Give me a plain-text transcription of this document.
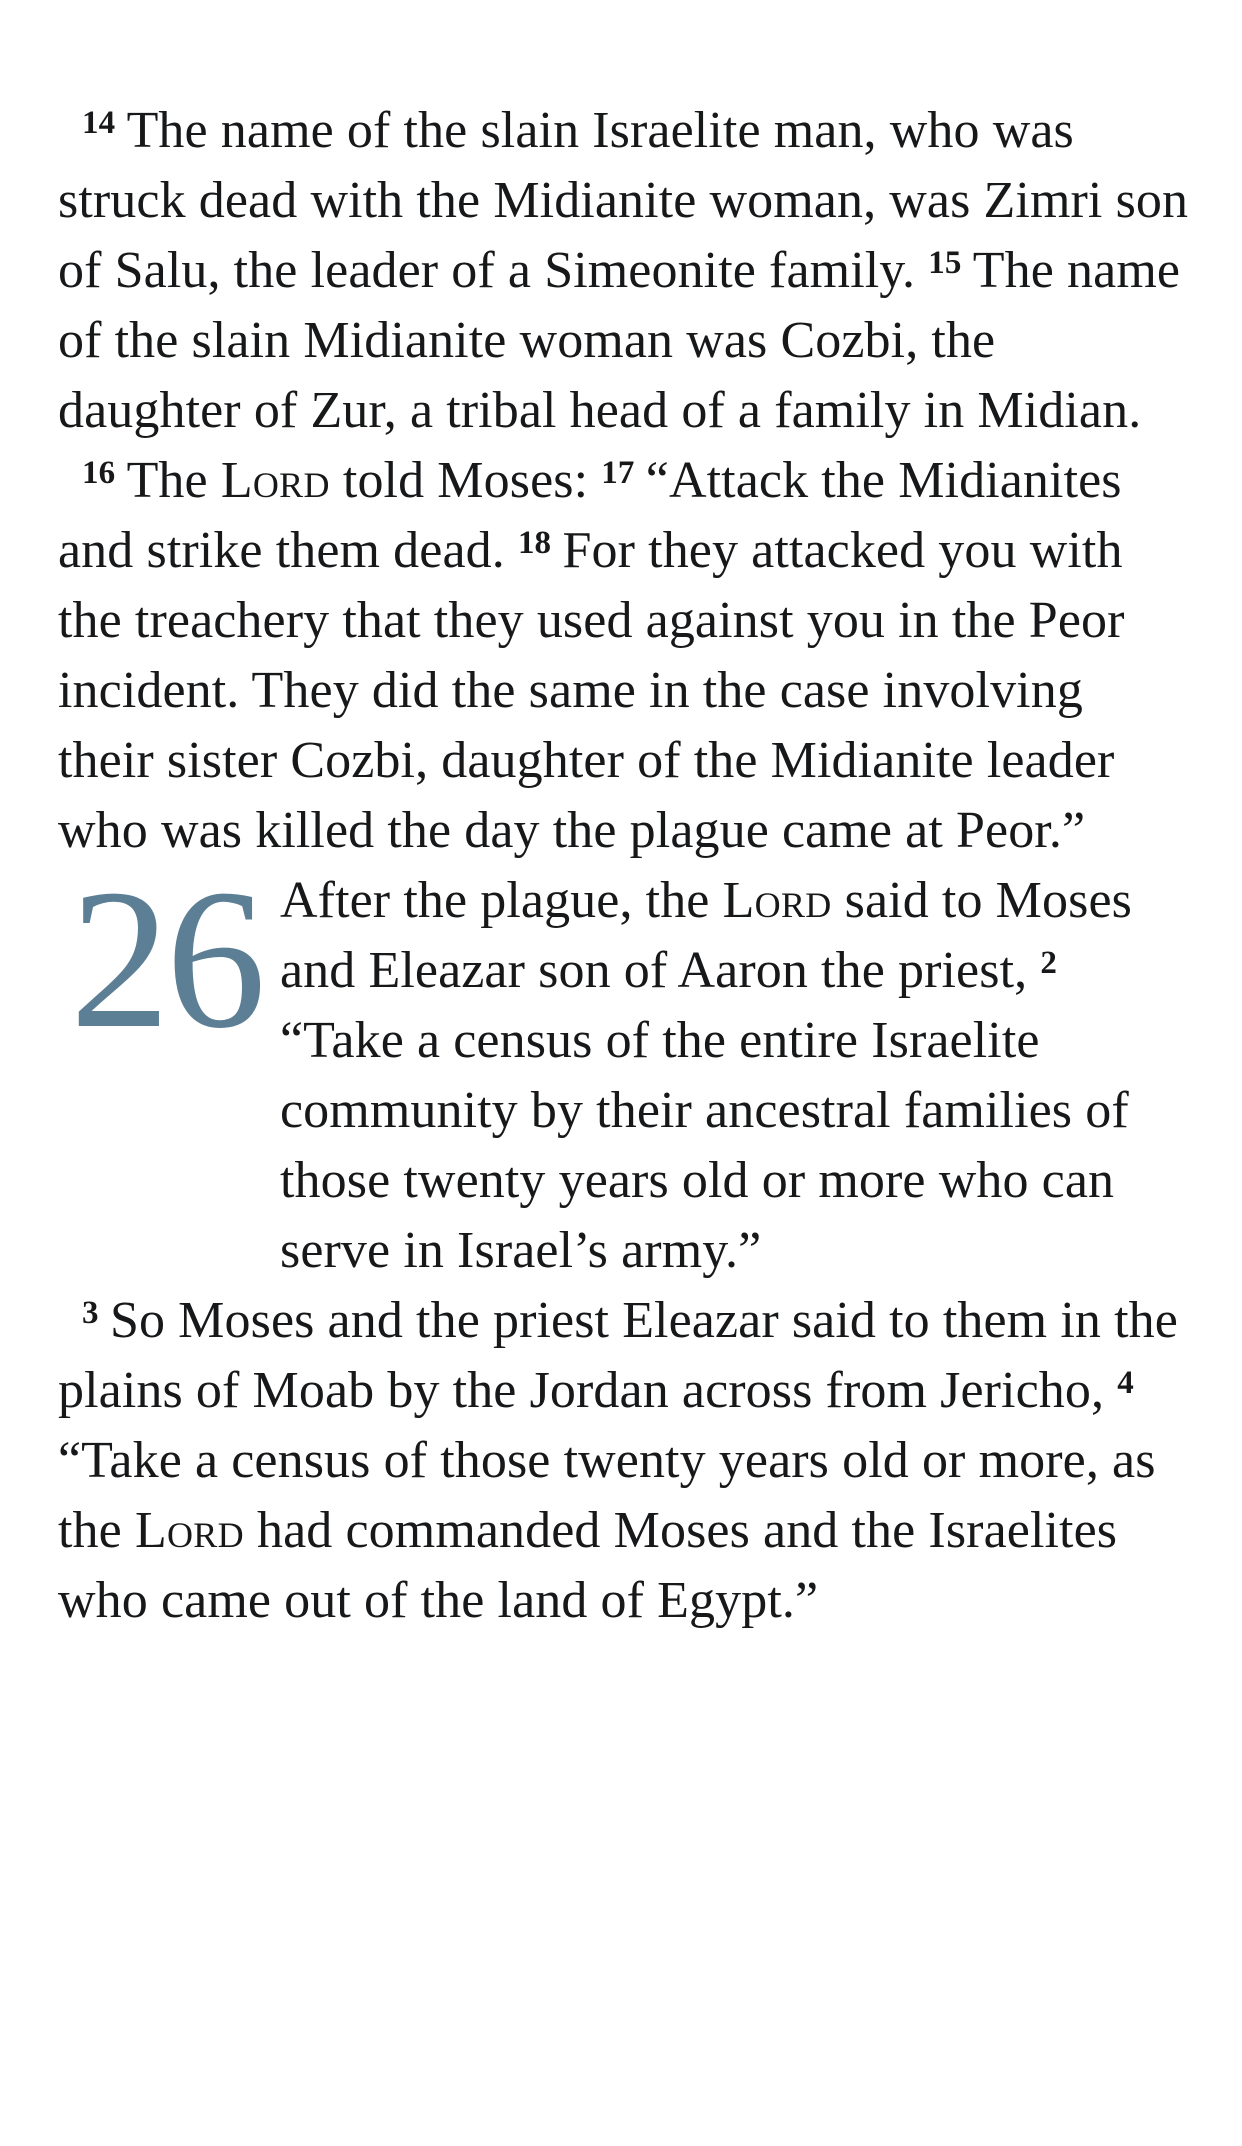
$^{14}$ The name of the slain Israelite man, who was struck dead with the Midianite woman, was Zimri son of Salu, the leader of a Simeonite family. $^{15}$ The name of the slain Midianite woman was Cozbi, the daughter of Zur, a tribal head of a family in Midian.

$^{16}$ The Lord told Moses: $^{17}$ “Attack the Midianites and strike them dead. $^{18}$ For they attacked you with the treachery that they used against you in the Peor incident. They did the same in the case involving their sister Cozbi, daughter of the Midianite leader who was killed the day the plague came at Peor.”

26 After the plague, the Lord said to Moses and Eleazar son of Aaron the priest, $^2$ “Take a census of the entire Israelite community by their ancestral families of those twenty years old or more who can serve in Israel’s army.”

$^3$ So Moses and the priest Eleazar said to them in the plains of Moab by the Jordan across from Jericho, $^4$ “Take a census of those twenty years old or more, as the Lord had commanded Moses and the Israelites who came out of the land of Egypt.”
